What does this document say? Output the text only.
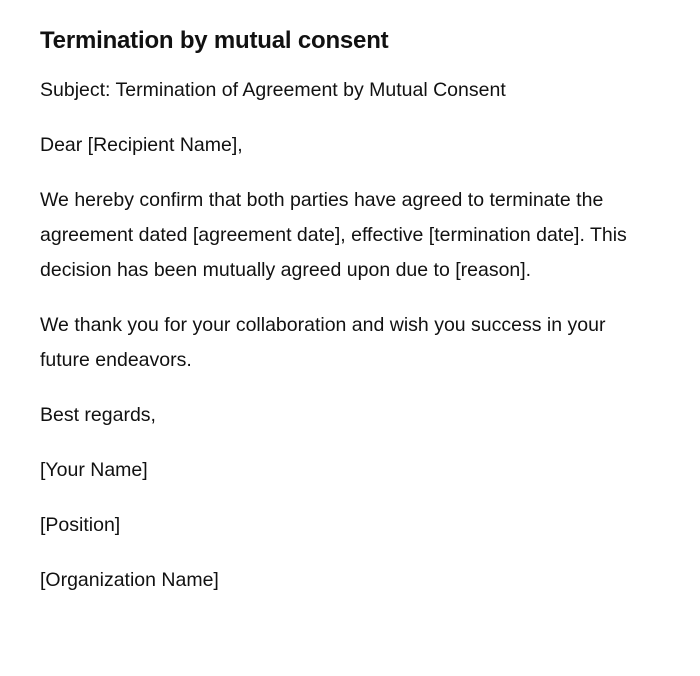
Termination by mutual consent

Subject: Termination of Agreement by Mutual Consent

Dear [Recipient Name],

We hereby confirm that both parties have agreed to terminate the agreement dated [agreement date], effective [termination date]. This decision has been mutually agreed upon due to [reason].

We thank you for your collaboration and wish you success in your future endeavors.

Best regards,

[Your Name]

[Position]

[Organization Name]
